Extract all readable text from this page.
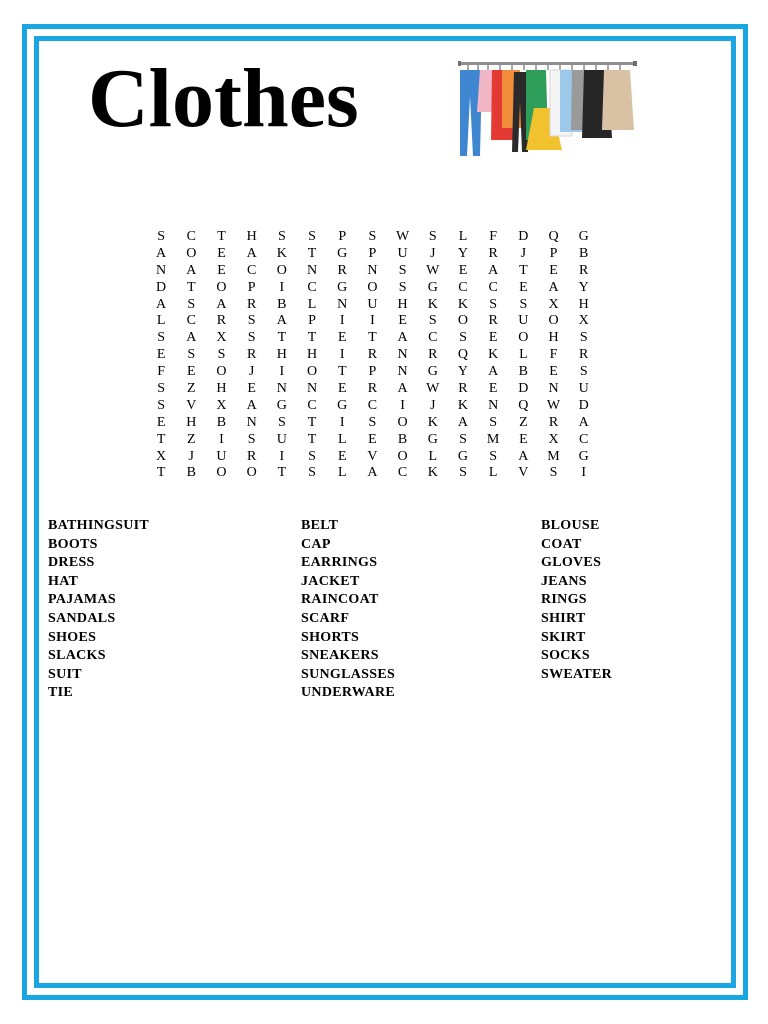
Clothes
S	C	T	H	S	S	P	S	W	S	L	F	D	Q	G
A	O	E	A	K	T	G	P	U	J	Y	R	J	P	B
N	A	E	C	O	N	R	N	S	W	E	A	T	E	R
D	T	O	P	I	C	G	O	S	G	C	C	E	A	Y
A	S	A	R	B	L	N	U	H	K	K	S	S	X	H
L	C	R	S	A	P	I	I	E	S	O	R	U	O	X
S	A	X	S	T	T	E	T	A	C	S	E	O	H	S
E	S	S	R	H	H	I	R	N	R	Q	K	L	F	R
F	E	O	J	I	O	T	P	N	G	Y	A	B	E	S
S	Z	H	E	N	N	E	R	A	W	R	E	D	N	U
S	V	X	A	G	C	G	C	I	J	K	N	Q	W	D
E	H	B	N	S	T	I	S	O	K	A	S	Z	R	A
T	Z	I	S	U	T	L	E	B	G	S	M	E	X	C
X	J	U	R	I	S	E	V	O	L	G	S	A	M	G
T	B	O	O	T	S	L	A	C	K	S	L	V	S	I
BATHINGSUIT
BOOTS
DRESS
HAT
PAJAMAS
SANDALS
SHOES
SLACKS
SUIT
TIE
BELT
CAP
EARRINGS
JACKET
RAINCOAT
SCARF
SHORTS
SNEAKERS
SUNGLASSES
UNDERWARE
BLOUSE
COAT
GLOVES
JEANS
RINGS
SHIRT
SKIRT
SOCKS
SWEATER
